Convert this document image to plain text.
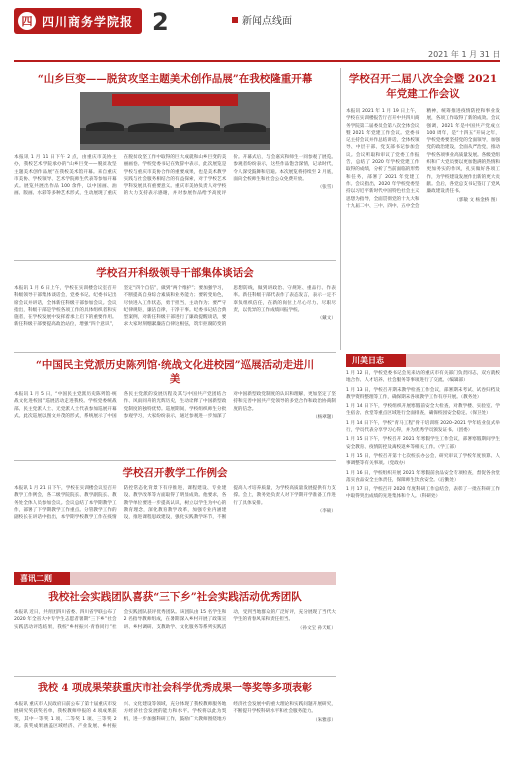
四 四川商务学院报 2	新闻点线面
2021 年 1 月 31 日
“山乡巨变——脱贫攻坚主题美术创作品展”在我校隆重开幕
本报讯 1 月 11 日下午 2 点，由重庆市美协主办，我校艺术学院承办的“山乡巨变——脱贫攻坚主题美术创作品展”在我校美术馆开幕。来自重庆市美协、学校领导、艺术学院师生代表等参加开幕式。展览共展出作品 100 余件，以中国画、油画、版画、水彩等多种艺术形式，生动展现了重庆在脱贫攻坚工作中取得的巨大成就和山乡巨变的美丽画卷。学校党委书记在致辞中表示，此次展览是学校与重庆市美协合作的重要成果，也是美术教学实践与社会服务相结合的有益探索，对于学校艺术学科发展具有重要意义。重庆市美协负责人对学校的大力支持表示感谢，并对参展作品给予高度评价。开幕式后，与会嘉宾和师生一同参观了展览。参观者纷纷表示，这些作品饱含深情，记录时代，令人深受鼓舞和启迪。本次展览将持续至 2 月底，面向全校师生和社会公众免费开放。
（张雪）
学校召开二届八次全会暨 2021 年党建工作会议
本报讯 2021 年 1 月 19 日上午，学校在实训楼报告厅召开中共四川商务学院第二届委员会第八次全体会议暨 2021 年党建工作会议。党委书记主持会议并作总结讲话，全体校领导、中层干部、党支部书记参加会议。会议听取和审议了党委工作报告，总结了 2020 年学校党建工作取得的成绩，分析了当前面临的形势和任务，部署了 2021 年党建工作。会议指出，2020 年学校党委坚持以习近平新时代中国特色社会主义思想为指导，全面贯彻党的十九大和十九届二中、三中、四中、五中全会精神，统筹推进疫情防控和事业发展，各项工作取得了新的成效。会议强调，2021 年是中国共产党成立 100 周年，是“十四五”开局之年，学校党委要坚持党的全面领导，加强党的政治建设，全面从严治党，推动学校各项事业高质量发展。各级党组织和广大党员要以更加饱满的热情和更加务实的作风，扎实做好各项工作，为学校建设发展作出新的更大贡献。会后，各党总支书记签订了党风廉政建设责任书。
（郭敏 文 杨金桥 图）
学校召开科级领导干部集体谈话会
本报讯 1 月 6 日上午，学校在实训楼会议室召开科级领导干部集体谈话会，党委书记、纪委书记出席会议并讲话，全体新任科级干部参加会议。会议指出，科级干部是学校各项工作的具体组织者和实施者，在学校发展中发挥着承上启下的重要作用。新任科级干部要提高政治站位，增强“四个意识”，坚定“四个自信”，做到“两个维护”；要加强学习，不断提高自身综合素质和业务能力；要转变角色，尽快进入工作状态，勇于担当，主动作为；要严守纪律规矩，廉洁自律，干净干事。纪委书记结合典型案例，对新任科级干部进行了廉政提醒谈话，要求大家时刻绷紧廉洁自律这根弦，筑牢拒腐防变的思想防线，做到讲政治、守规矩、重品行、作表率。新任科级干部代表作了表态发言，表示一定不辜负组织信任，在新的岗位上尽心尽力、尽职尽责，以优异的工作成绩回报学校。
（戴文）
“中国民主党派历史陈列馆·统战文化进校园”巡展活动走进川美
本报讯 1 月 5 日，“中国民主党派历史陈列馆·统战文化进校园”巡展活动走进我校。学校党委统战部、民主党派人士、无党派人士代表参加巡展开幕式。此次巡展以图文并茂的形式，系统展示了中国各民主党派的发展历程及其与中国共产党团结合作、风雨同舟的光辉历史，生动诠释了中国新型政党制度的独特优势。巡展期间，学校组织师生分批参观学习，大家纷纷表示，通过参观进一步加深了对中国新型政党制度的认识和理解，更加坚定了坚持和完善中国共产党领导的多党合作和政治协商制度的信念。
（杨翠题）
川美日志
1 月 12 日，学校党委书记会见来访的重庆市有关部门负责同志，双方就校地合作、人才培养、社会服务等事项进行了交流。（编辑部）
1 月 13 日，学校召开期末教学检查工作会议，部署期末考试、试卷归档及教学资料整理等工作，确保期末各项教学工作有序开展。（教务处）
1 月 14 日下午，学校组织开展寒假前安全大检查，对教学楼、实验室、学生宿舍、食堂等重点区域进行全面排查，确保校园安全稳定。（保卫处）
1 月 14 日下午，学校“青马工程”骨干培训班 2020–2021 学年结业仪式举行，学员代表分享学习心得，并为优秀学员颁发证书。（团委）
1 月 15 日下午，学校召开 2021 年寒假学生工作会议，部署寒假期间学生安全教育、疫情防控及离校返乡等相关工作。（学工部）
1 月 15 日，学校召开第十七次校长办公会，研究审议了学校年度预算、人事调整等有关事项。（党政办）
1 月 16 日，学校组织开展 2021 年寒假前食品安全专项检查，督促各食堂落实食品安全主体责任，保障师生饮食安全。（后勤处）
1 月 17 日，学校召开 2020 年度科研工作总结会，表彰了一批在科研工作中取得突出成绩的先进集体和个人。（科研处）
学校召开教学工作例会
本报讯 1 月 21 日下午，学校在实训楼会议室召开教学工作例会，各二级学院院长、教学副院长、教务处全体人员参加会议。会议总结了本学期教学工作，部署了下学期教学工作重点。分管教学工作的副校长在讲话中指出，本学期学校教学工作在疫情防控常态化背景下有序推进，课程建设、专业建设、教学改革等方面取得了明显成效。他要求，各教学单位要进一步提高认识，树立以学生为中心的教育理念，深化教育教学改革，加强专业内涵建设，推进课程思政建设，强化实践教学环节，不断提高人才培养质量，为学校高质量发展提供有力支撑。会上，教务处负责人对下学期开学准备工作进行了具体安排。
（李硕）
喜讯二则
我校社会实践团队喜获“三下乡”社会实践活动优秀团队
本报讯 近日，共青团四川省委、四川省学联公布了 2020 年全省大中专学生志愿者暑期“三下乡”社会实践活动评选结果，我校“乡村振兴·青春同行”社会实践团队获评优秀团队。该团队由 15 名学生和 2 名指导教师组成，在暑期深入乡村开展了政策宣讲、乡村调研、支教助学、文化服务等系列实践活动，受到当地群众的广泛好评，充分展现了当代大学生的青春风采和责任担当。
（孙文宝 孙天虹）
我校 4 项成果荣获重庆市社会科学优秀成果一等奖等多项表彰
本报讯 重庆市人民政府日前公布了第十届重庆市发展研究奖获奖名单，我校教师申报的 4 项成果获奖，其中一等奖 1 项、二等奖 1 项、三等奖 2 项。获奖成果涵盖区域经济、产业发展、乡村振兴、文化建设等领域，充分体现了我校教师服务地方经济社会发展的能力和水平。学校将以此为契机，进一步加强科研工作，鼓励广大教师围绕地方经济社会发展中的重大理论和实践问题开展研究，不断提升学校科研水平和社会服务能力。
（朱雅彦）
